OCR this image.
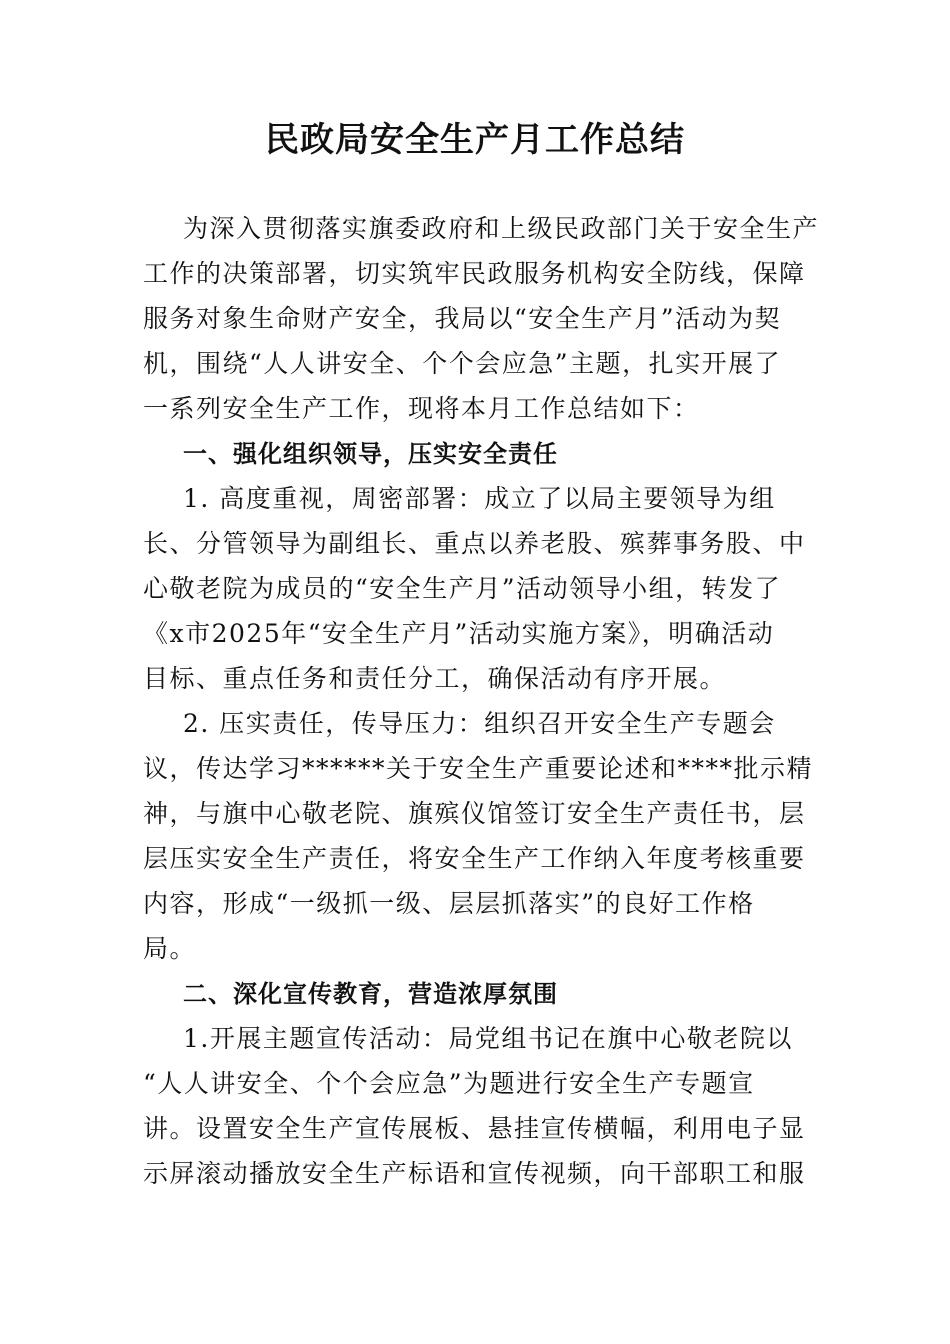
民政局安全生产月工作总结
为深入贯彻落实旗委政府和上级民政部门关于安全生产
工作的决策部署，切实筑牢民政服务机构安全防线，保障
服务对象生命财产安全，我局以“安全生产月”活动为契
机，围绕“人人讲安全、个个会应急”主题，扎实开展了
一系列安全生产工作，现将本月工作总结如下：
一、强化组织领导，压实安全责任
1. 高度重视，周密部署：成立了以局主要领导为组
长、分管领导为副组长、重点以养老股、殡葬事务股、中
心敬老院为成员的“安全生产月”活动领导小组，转发了
《x市2025年“安全生产月”活动实施方案》，明确活动
目标、重点任务和责任分工，确保活动有序开展。
2. 压实责任，传导压力：组织召开安全生产专题会
议，传达学习******关于安全生产重要论述和****批示精
神，与旗中心敬老院、旗殡仪馆签订安全生产责任书，层
层压实安全生产责任，将安全生产工作纳入年度考核重要
内容，形成“一级抓一级、层层抓落实”的良好工作格
局。
二、深化宣传教育，营造浓厚氛围
1.开展主题宣传活动：局党组书记在旗中心敬老院以
“人人讲安全、个个会应急”为题进行安全生产专题宣
讲。设置安全生产宣传展板、悬挂宣传横幅，利用电子显
示屏滚动播放安全生产标语和宣传视频，向干部职工和服
